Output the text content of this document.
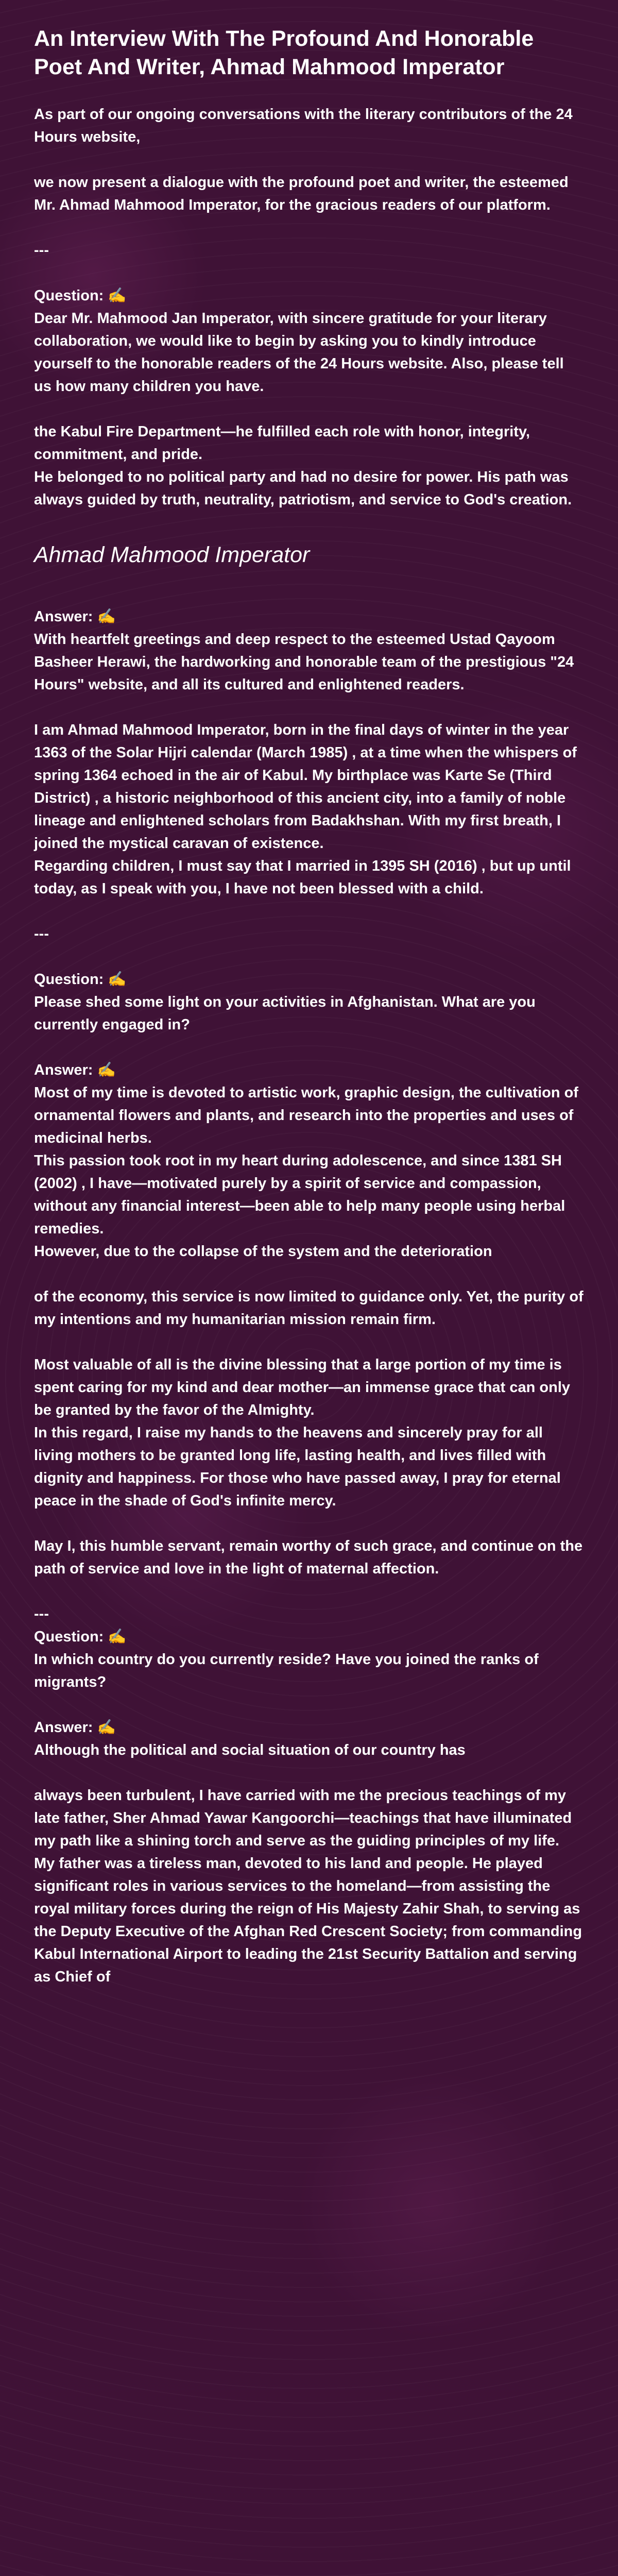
An Interview With The Profound And Honorable Poet And Writer, Ahmad Mahmood Imperator

As part of our ongoing conversations with the literary contributors of the 24 Hours website,

we now present a dialogue with the profound poet and writer, the esteemed Mr. Ahmad Mahmood Imperator, for the gracious readers of our platform.

---

Question: ✍

Dear Mr. Mahmood Jan Imperator, with sincere gratitude for your literary collaboration, we would like to begin by asking you to kindly introduce yourself to the honorable readers of the 24 Hours website. Also, please tell us how many children you have.

the Kabul Fire Department—he fulfilled each role with honor, integrity, commitment, and pride.

He belonged to no political party and had no desire for power. His path was always guided by truth, neutrality, patriotism, and service to God's creation.

Ahmad Mahmood Imperator

Answer: ✍

With heartfelt greetings and deep respect to the esteemed Ustad Qayoom Basheer Herawi, the hardworking and honorable team of the prestigious "24 Hours" website, and all its cultured and enlightened readers.

I am Ahmad Mahmood Imperator, born in the final days of winter in the year 1363 of the Solar Hijri calendar (March 1985) , at a time when the whispers of spring 1364 echoed in the air of Kabul. My birthplace was Karte Se (Third District) , a historic neighborhood of this ancient city, into a family of noble lineage and enlightened scholars from Badakhshan. With my first breath, I joined the mystical caravan of existence.

Regarding children, I must say that I married in 1395 SH (2016) , but up until today, as I speak with you, I have not been blessed with a child.

---

Question: ✍

Please shed some light on your activities in Afghanistan. What are you currently engaged in?

Answer: ✍

Most of my time is devoted to artistic work, graphic design, the cultivation of ornamental flowers and plants, and research into the properties and uses of medicinal herbs.

This passion took root in my heart during adolescence, and since 1381 SH (2002) , I have—motivated purely by a spirit of service and compassion, without any financial interest—been able to help many people using herbal remedies.

However, due to the collapse of the system and the deterioration

of the economy, this service is now limited to guidance only. Yet, the purity of my intentions and my humanitarian mission remain firm.

Most valuable of all is the divine blessing that a large portion of my time is spent caring for my kind and dear mother—an immense grace that can only be granted by the favor of the Almighty.

In this regard, I raise my hands to the heavens and sincerely pray for all living mothers to be granted long life, lasting health, and lives filled with dignity and happiness. For those who have passed away, I pray for eternal peace in the shade of God's infinite mercy.

May I, this humble servant, remain worthy of such grace, and continue on the path of service and love in the light of maternal affection.

---

Question: ✍

In which country do you currently reside? Have you joined the ranks of migrants?

Answer: ✍

Although the political and social situation of our country has

always been turbulent, I have carried with me the precious teachings of my late father, Sher Ahmad Yawar Kangoorchi—teachings that have illuminated my path like a shining torch and serve as the guiding principles of my life.

My father was a tireless man, devoted to his land and people. He played significant roles in various services to the homeland—from assisting the royal military forces during the reign of His Majesty Zahir Shah, to serving as the Deputy Executive of the Afghan Red Crescent Society; from commanding Kabul International Airport to leading the 21st Security Battalion and serving as Chief of
